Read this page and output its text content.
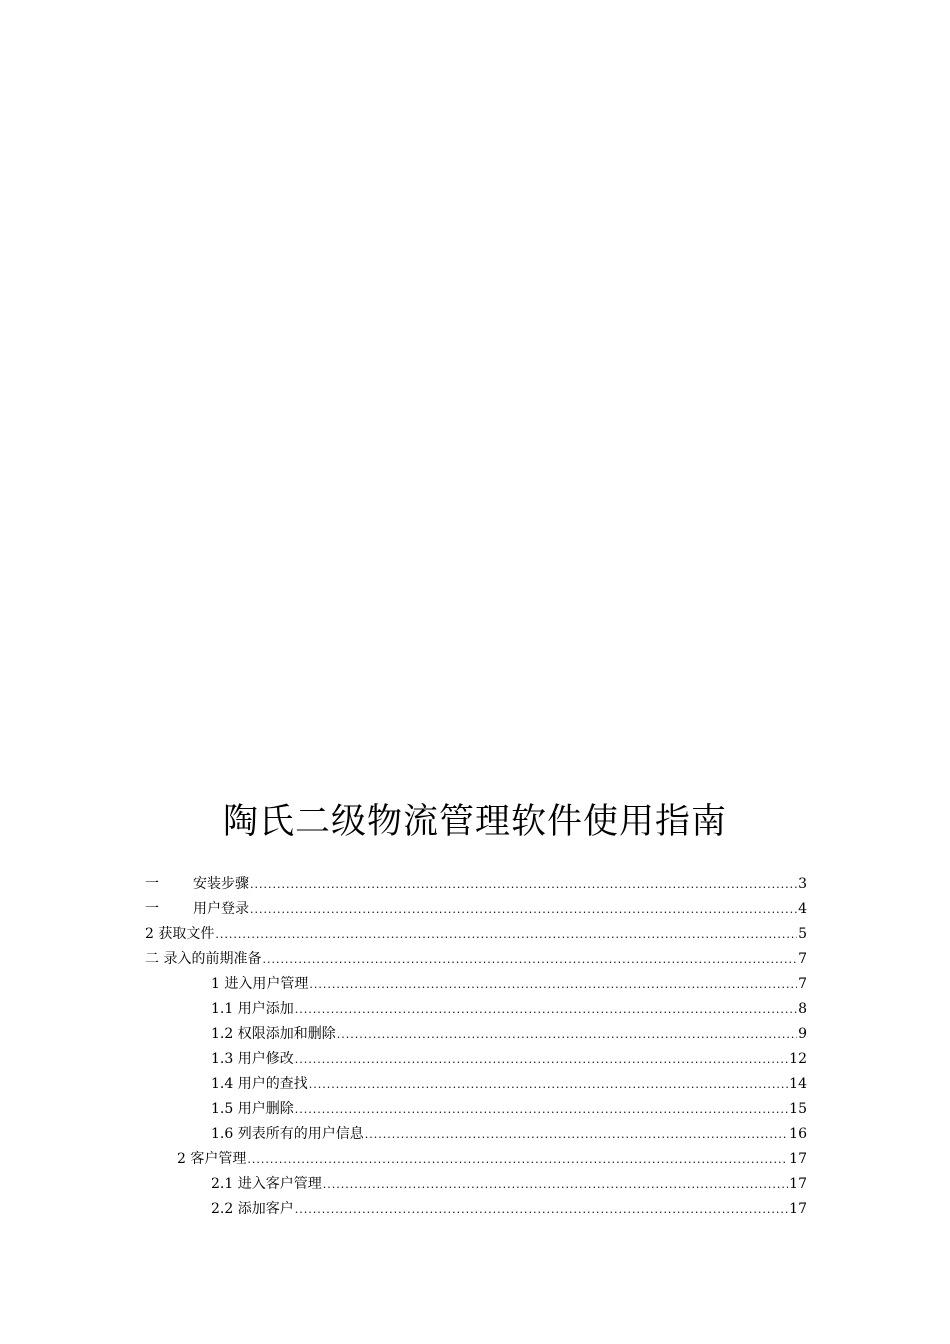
陶氏二级物流管理软件使用指南
一 安装步骤 .....	3
一 用户登录 .....	4
2 获取文件 .....	5
二 录入的前期准备 .....	7
1 进入用户管理 .....	7
1.1 用户添加 .....	8
1.2 权限添加和删除 .....	9
1.3 用户修改 .....	12
1.4 用户的查找 .....	14
1.5 用户删除 .....	15
1.6 列表所有的用户信息 .....	16
2 客户管理 .....	17
2.1 进入客户管理 .....	17
2.2 添加客户 .....	17
